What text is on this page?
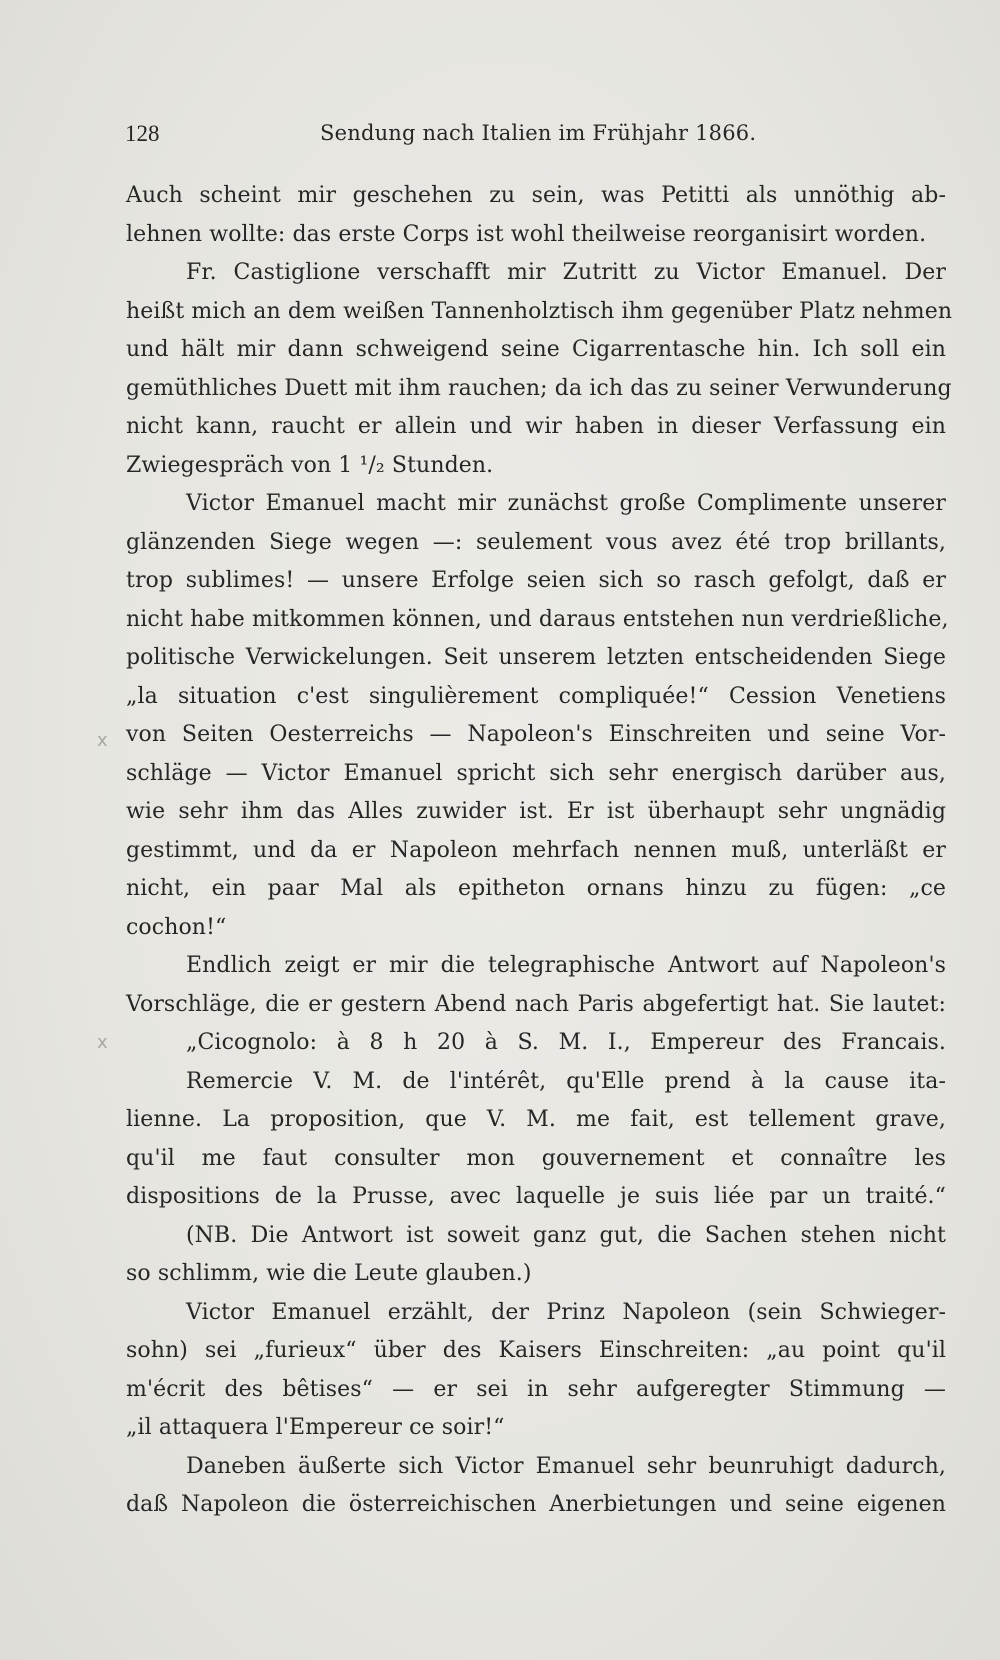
128	Sendung nach Italien im Frühjahr 1866.
x
x
Auch scheint mir geschehen zu sein, was Petitti als unnöthig ab-
lehnen wollte: das erste Corps ist wohl theilweise reorganisirt worden.
Fr. Castiglione verschafft mir Zutritt zu Victor Emanuel. Der
heißt mich an dem weißen Tannenholztisch ihm gegenüber Platz nehmen
und hält mir dann schweigend seine Cigarrentasche hin. Ich soll ein
gemüthliches Duett mit ihm rauchen; da ich das zu seiner Verwunderung
nicht kann, raucht er allein und wir haben in dieser Verfassung ein
Zwiegespräch von 1 ¹/₂ Stunden.
Victor Emanuel macht mir zunächst große Complimente unserer
glänzenden Siege wegen —: seulement vous avez été trop brillants,
trop sublimes! — unsere Erfolge seien sich so rasch gefolgt, daß er
nicht habe mitkommen können, und daraus entstehen nun verdrießliche,
politische Verwickelungen. Seit unserem letzten entscheidenden Siege
„la situation c'est singulièrement compliquée!“ Cession Venetiens
von Seiten Oesterreichs — Napoleon's Einschreiten und seine Vor-
schläge — Victor Emanuel spricht sich sehr energisch darüber aus,
wie sehr ihm das Alles zuwider ist. Er ist überhaupt sehr ungnädig
gestimmt, und da er Napoleon mehrfach nennen muß, unterläßt er
nicht, ein paar Mal als epitheton ornans hinzu zu fügen: „ce
cochon!“
Endlich zeigt er mir die telegraphische Antwort auf Napoleon's
Vorschläge, die er gestern Abend nach Paris abgefertigt hat. Sie lautet:
„Cicognolo: à 8 h 20 à S. M. I., Empereur des Francais.
Remercie V. M. de l'intérêt, qu'Elle prend à la cause ita-
lienne. La proposition, que V. M. me fait, est tellement grave,
qu'il me faut consulter mon gouvernement et connaître les
dispositions de la Prusse, avec laquelle je suis liée par un traité.“
(NB. Die Antwort ist soweit ganz gut, die Sachen stehen nicht
so schlimm, wie die Leute glauben.)
Victor Emanuel erzählt, der Prinz Napoleon (sein Schwieger-
sohn) sei „furieux“ über des Kaisers Einschreiten: „au point qu'il
m'écrit des bêtises“ — er sei in sehr aufgeregter Stimmung —
„il attaquera l'Empereur ce soir!“
Daneben äußerte sich Victor Emanuel sehr beunruhigt dadurch,
daß Napoleon die österreichischen Anerbietungen und seine eigenen
